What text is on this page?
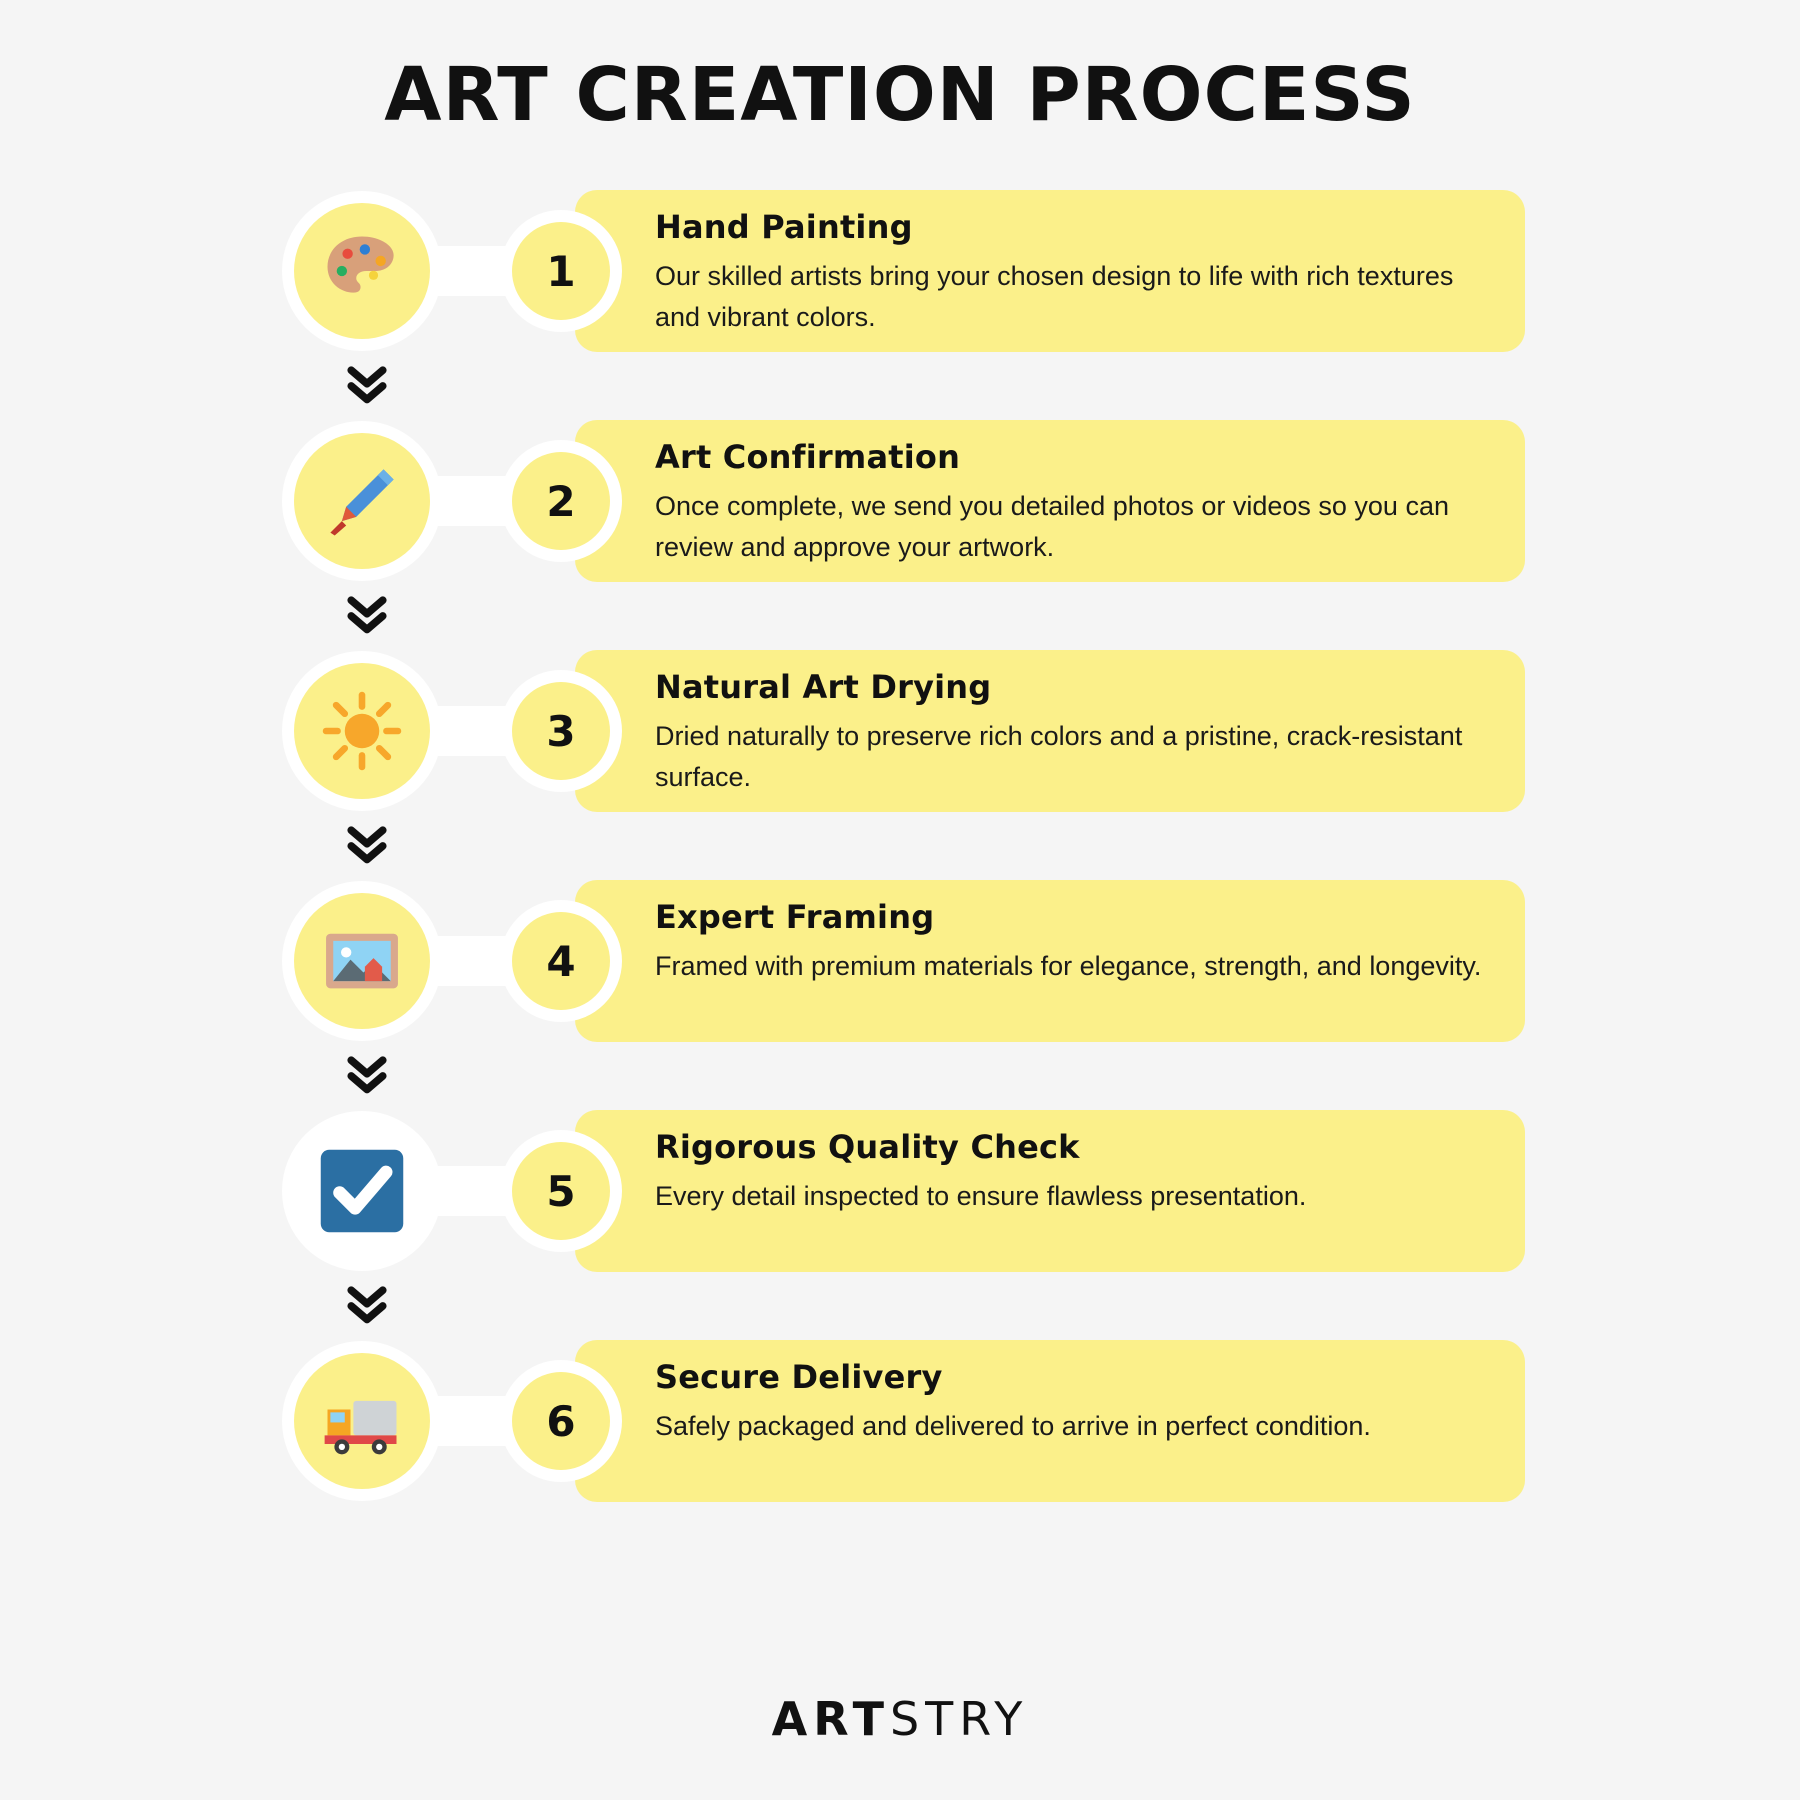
ART CREATION PROCESS

Hand Painting

Our skilled artists bring your chosen design to life with rich textures and vibrant colors.

1

Art Confirmation

Once complete, we send you detailed photos or videos so you can review and approve your artwork.

2

Natural Art Drying

Dried naturally to preserve rich colors and a pristine, crack-resistant surface.

3

Expert Framing

Framed with premium materials for elegance, strength, and longevity.

4

Rigorous Quality Check

Every detail inspected to ensure flawless presentation.

5

Secure Delivery

Safely packaged and delivered to arrive in perfect condition.

6
ARTSTRY
